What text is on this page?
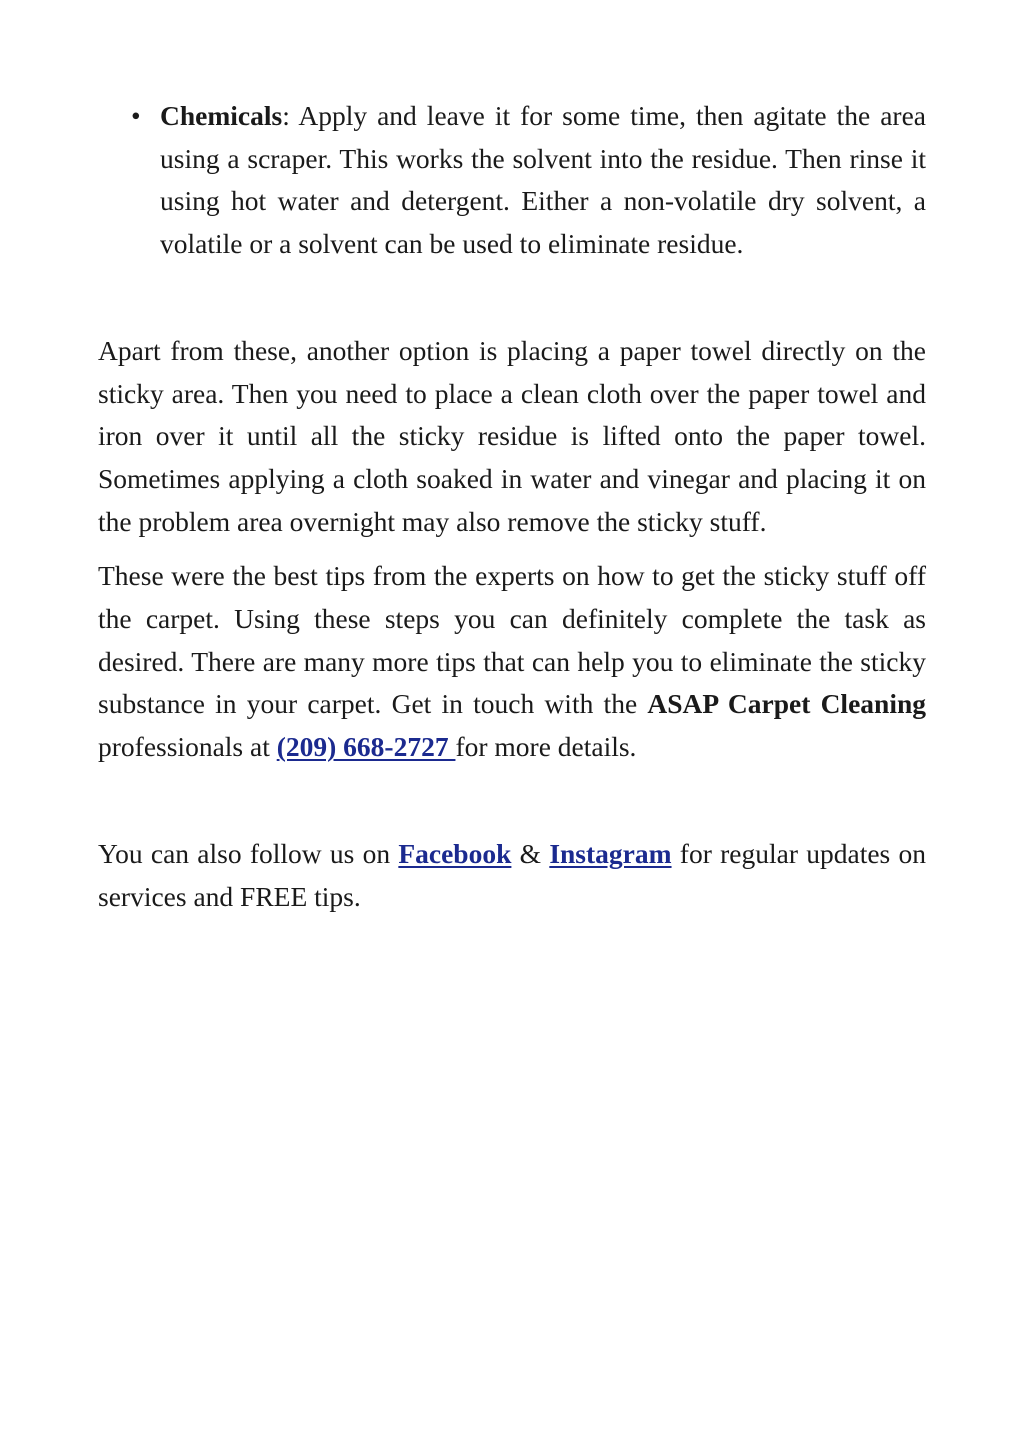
• Chemicals: Apply and leave it for some time, then agitate the area using a scraper. This works the solvent into the residue. Then rinse it using hot water and detergent. Either a non-volatile dry solvent, a volatile or a solvent can be used to eliminate residue.

Apart from these, another option is placing a paper towel directly on the sticky area. Then you need to place a clean cloth over the paper towel and iron over it until all the sticky residue is lifted onto the paper towel. Sometimes applying a cloth soaked in water and vinegar and placing it on the problem area overnight may also remove the sticky stuff.

These were the best tips from the experts on how to get the sticky stuff off the carpet. Using these steps you can definitely complete the task as desired. There are many more tips that can help you to eliminate the sticky substance in your carpet. Get in touch with the ASAP Carpet Cleaning professionals at (209) 668-2727 for more details.

You can also follow us on Facebook & Instagram for regular updates on services and FREE tips.
